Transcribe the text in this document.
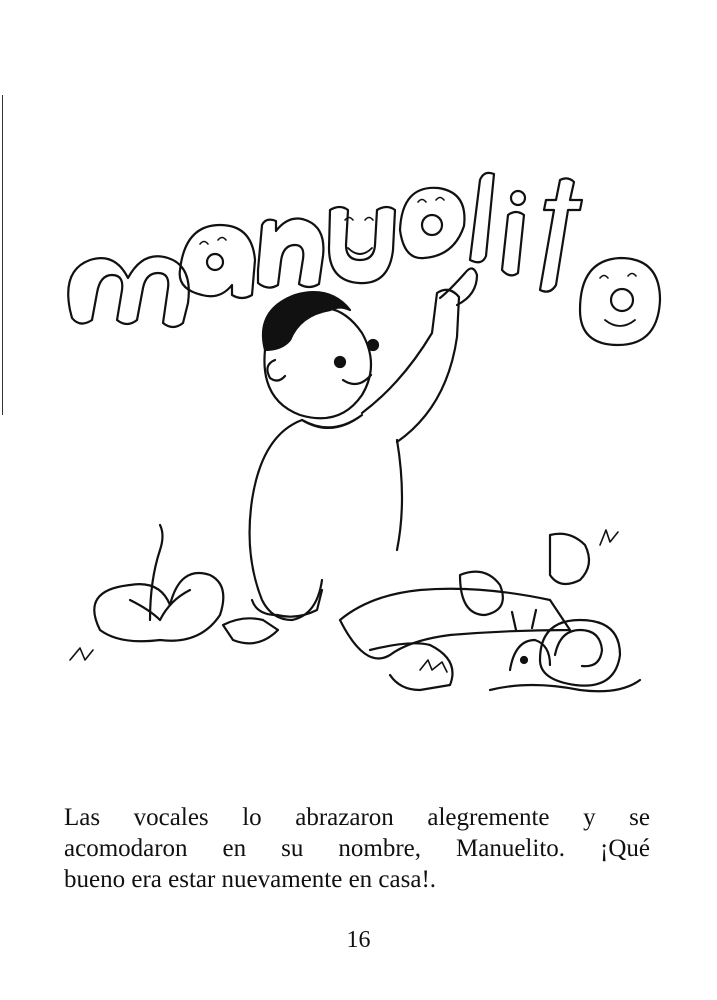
Las vocales lo abrazaron alegremente y se
acomodaron en su nombre, Manuelito. ¡Qué
bueno era estar nuevamente en casa!.
16
